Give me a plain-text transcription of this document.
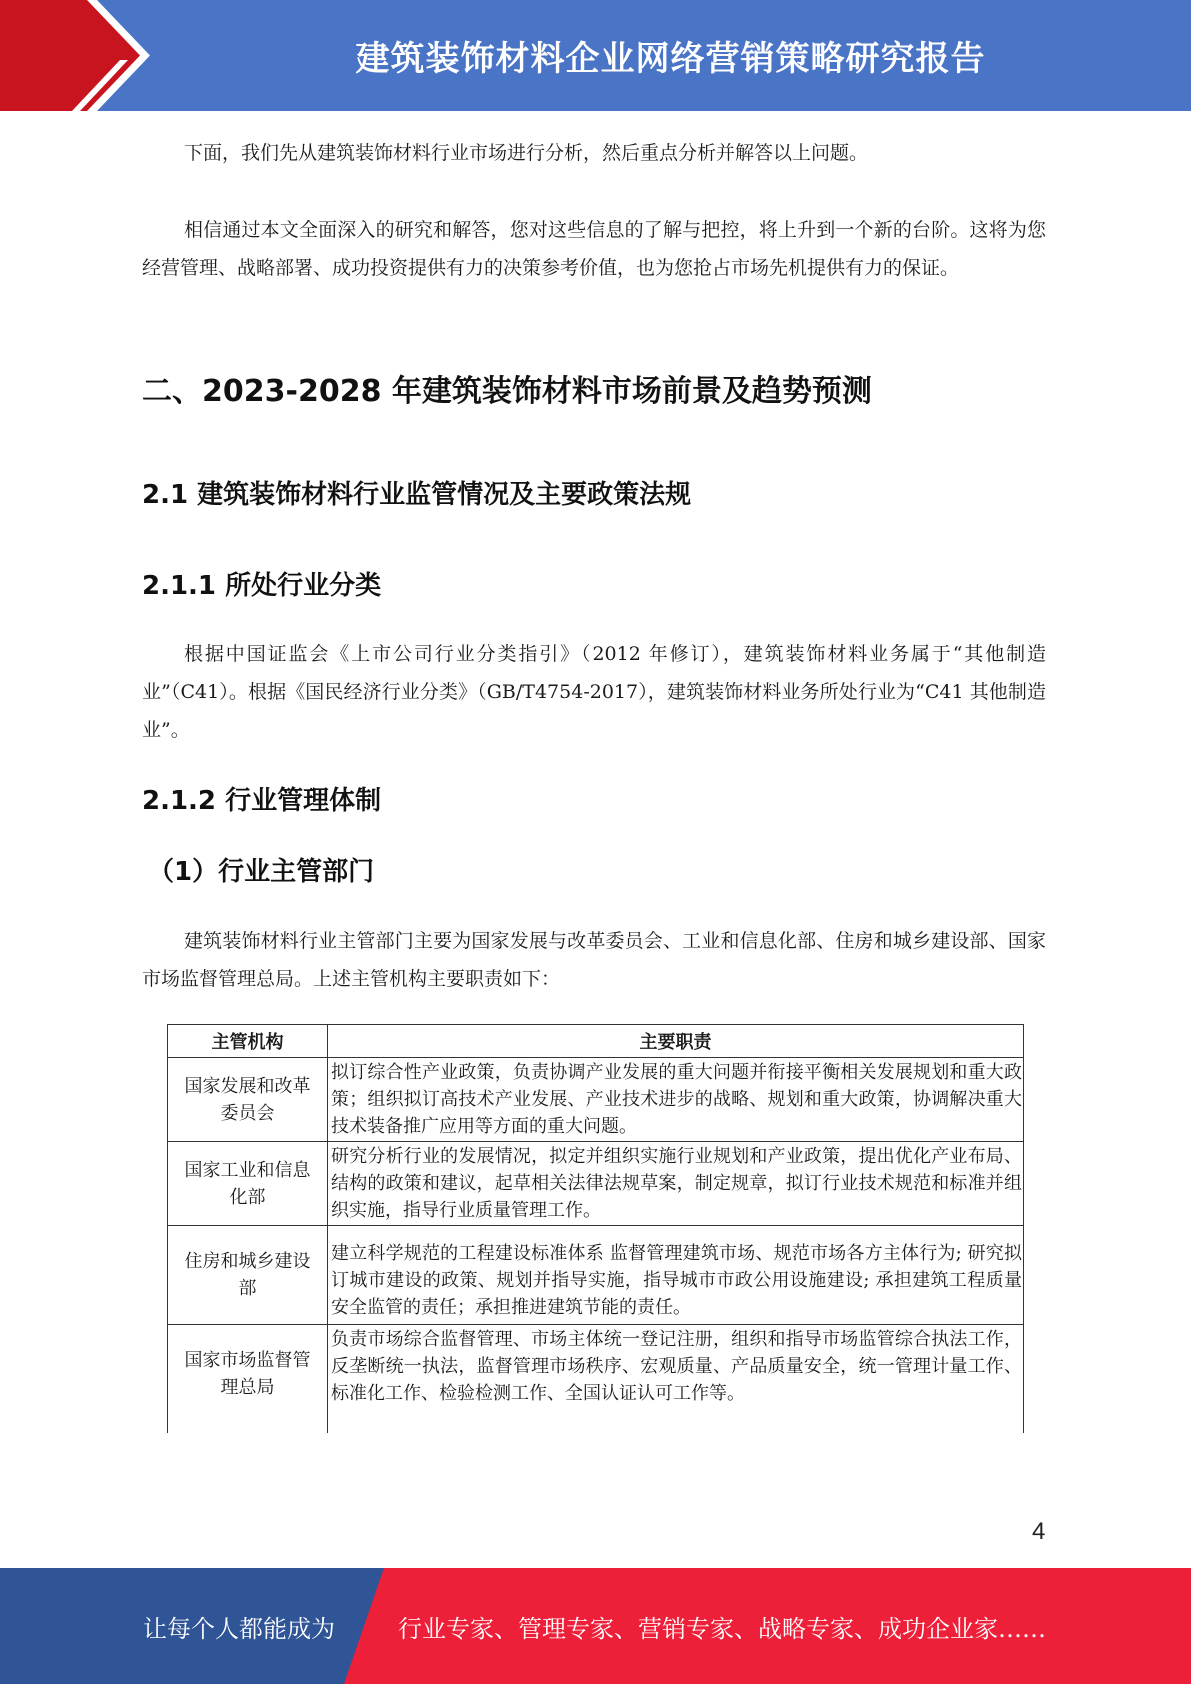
建筑装饰材料企业网络营销策略研究报告

下面，我们先从建筑装饰材料行业市场进行分析，然后重点分析并解答以上问题。

相信通过本文全面深入的研究和解答，您对这些信息的了解与把控，将上升到一个新的台阶。这将为您经营管理、战略部署、成功投资提供有力的决策参考价值，也为您抢占市场先机提供有力的保证。

二、2023-2028 年建筑装饰材料市场前景及趋势预测
2.1 建筑装饰材料行业监管情况及主要政策法规
2.1.1 所处行业分类

根据中国证监会《上市公司行业分类指引》（2012 年修订），建筑装饰材料业务属于“其他制造业”（C41）。根据《国民经济行业分类》（GB/T4754-2017），建筑装饰材料业务所处行业为“C41 其他制造业”。

2.1.2 行业管理体制
（1）行业主管部门

建筑装饰材料行业主管部门主要为国家发展与改革委员会、工业和信息化部、住房和城乡建设部、国家市场监督管理总局。上述主管机构主要职责如下：

主管机构	主要职责
国家发展和改革委员会	拟订综合性产业政策，负责协调产业发展的重大问题并衔接平衡相关发展规划和重大政策；组织拟订高技术产业发展、产业技术进步的战略、规划和重大政策，协调解决重大技术装备推广应用等方面的重大问题。
国家工业和信息化部	研究分析行业的发展情况，拟定并组织实施行业规划和产业政策，提出优化产业布局、结构的政策和建议，起草相关法律法规草案，制定规章，拟订行业技术规范和标准并组织实施，指导行业质量管理工作。
住房和城乡建设部	建立科学规范的工程建设标准体系 监督管理建筑市场、规范市场各方主体行为; 研究拟订城市建设的政策、规划并指导实施，指导城市市政公用设施建设; 承担建筑工程质量安全监管的责任；承担推进建筑节能的责任。
国家市场监督管理总局	负责市场综合监督管理、市场主体统一登记注册，组织和指导市场监管综合执法工作，反垄断统一执法，监督管理市场秩序、宏观质量、产品质量安全，统一管理计量工作、标准化工作、检验检测工作、全国认证认可工作等。
4
让每个人都能成为	行业专家、管理专家、营销专家、战略专家、成功企业家……
